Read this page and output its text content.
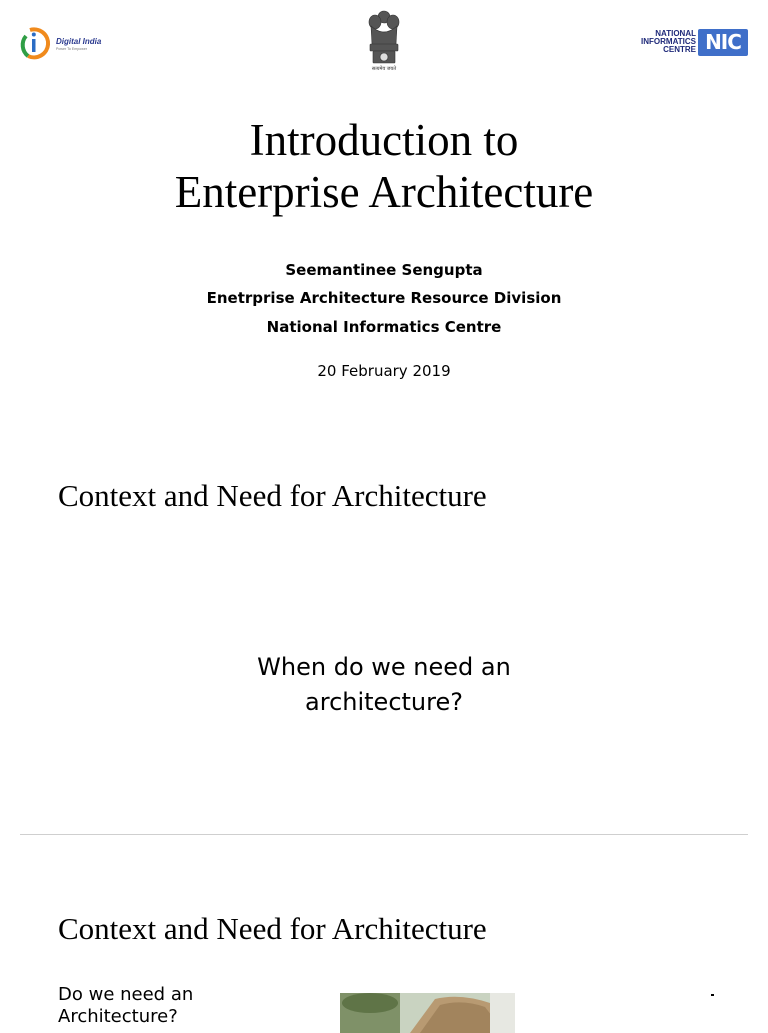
Digital India
Power To Empower
सत्यमेव जयते
NATIONAL
INFORMATICS
CENTRE NIC
Introduction to
Enterprise Architecture
Seemantinee Sengupta
Enetrprise Architecture Resource Division
National Informatics Centre
20 February 2019
Context and Need for Architecture
When do we need an
architecture?
Context and Need for Architecture
Do we need an
Architecture?
